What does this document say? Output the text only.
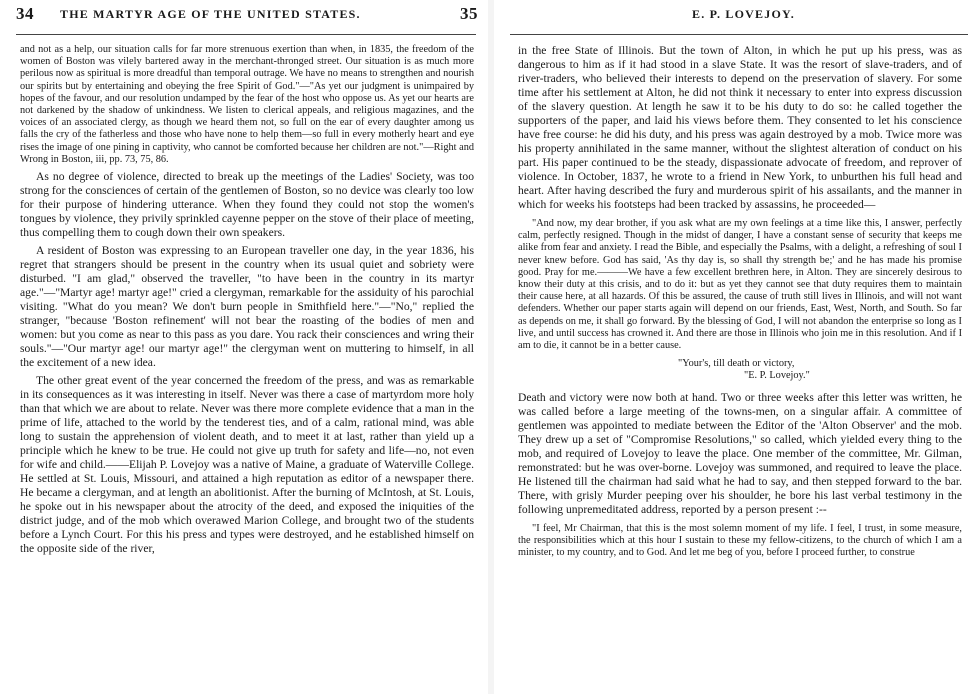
34 THE MARTYR AGE OF THE UNITED STATES.

and not as a help, our situation calls for far more strenuous exertion than when, in 1835, the freedom of the women of Boston was vilely bartered away in the merchant-thronged street. Our situation is as much more perilous now as spiritual is more dreadful than temporal outrage. We have no means to strengthen and nourish our spirits but by entertaining and obeying the free Spirit of God."—"As yet our judgment is unimpaired by hopes of the favour, and our resolution undamped by the fear of the host who oppose us. As yet our hearts are not darkened by the shadow of unkindness. We listen to clerical appeals, and religious magazines, and the voices of an associated clergy, as though we heard them not, so full on the ear of every daughter among us falls the cry of the fatherless and those who have none to help them—so full in every motherly heart and eye rises the image of one pining in captivity, who cannot be comforted because her children are not."—Right and Wrong in Boston, iii, pp. 73, 75, 86.

As no degree of violence, directed to break up the meetings of the Ladies' Society, was too strong for the consciences of certain of the gentlemen of Boston, so no device was clearly too low for their purpose of hindering utterance. When they found they could not stop the women's tongues by violence, they privily sprinkled cayenne pepper on the stove of their place of meeting, thus compelling them to cough down their own speakers.

A resident of Boston was expressing to an European traveller one day, in the year 1836, his regret that strangers should be present in the country when its usual quiet and sobriety were disturbed. "I am glad," observed the traveller, "to have been in the country in its martyr age."—"Martyr age! martyr age!" cried a clergyman, remarkable for the assiduity of his parochial visiting. "What do you mean? We don't burn people in Smithfield here."—"No," replied the stranger, "because 'Boston refinement' will not bear the roasting of the bodies of men and women: but you come as near to this pass as you dare. You rack their consciences and wring their souls."—"Our martyr age! our martyr age!" the clergyman went on muttering to himself, in all the excitement of a new idea.

The other great event of the year concerned the freedom of the press, and was as remarkable in its consequences as it was interesting in itself. Never was there a case of martyrdom more holy than that which we are about to relate. Never was there more complete evidence that a man in the prime of life, attached to the world by the tenderest ties, and of a calm, rational mind, was able long to sustain the apprehension of violent death, and to meet it at last, rather than yield up a principle which he knew to be true. He could not give up truth for safety and life—no, not even for wife and child.——Elijah P. Lovejoy was a native of Maine, a graduate of Waterville College. He settled at St. Louis, Missouri, and attained a high reputation as editor of a newspaper there. He became a clergyman, and at length an abolitionist. After the burning of McIntosh, at St. Louis, he spoke out in his newspaper about the atrocity of the deed, and exposed the iniquities of the district judge, and of the mob which overawed Marion College, and brought two of the students before a Lynch Court. For this his press and types were destroyed, and he established himself on the opposite side of the river,

E. P. LOVEJOY.
35

in the free State of Illinois. But the town of Alton, in which he put up his press, was as dangerous to him as if it had stood in a slave State. It was the resort of slave-traders, and of river-traders, who believed their interests to depend on the preservation of slavery. For some time after his settlement at Alton, he did not think it necessary to enter into express discussion of the slavery question. At length he saw it to be his duty to do so: he called together the supporters of the paper, and laid his views before them. They consented to let his conscience have free course: he did his duty, and his press was again destroyed by a mob. Twice more was his property annihilated in the same manner, without the slightest alteration of conduct on his part. His paper continued to be the steady, dispassionate advocate of freedom, and reprover of violence. In October, 1837, he wrote to a friend in New York, to unburthen his full head and heart. After having described the fury and murderous spirit of his assailants, and the manner in which for weeks his footsteps had been tracked by assassins, he proceeded—

"And now, my dear brother, if you ask what are my own feelings at a time like this, I answer, perfectly calm, perfectly resigned. Though in the midst of danger, I have a constant sense of security that keeps me alike from fear and anxiety. I read the Bible, and especially the Psalms, with a delight, a refreshing of soul I never knew before. God has said, 'As thy day is, so shall thy strength be;' and he has made his promise good. Pray for me.———We have a few excellent brethren here, in Alton. They are sincerely desirous to know their duty at this crisis, and to do it: but as yet they cannot see that duty requires them to maintain their cause here, at all hazards. Of this be assured, the cause of truth still lives in Illinois, and will not want defenders. Whether our paper starts again will depend on our friends, East, West, North, and South. So far as depends on me, it shall go forward. By the blessing of God, I will not abandon the enterprise so long as I live, and until success has crowned it. And there are those in Illinois who join me in this resolution. And if I am to die, it cannot be in a better cause.

"Your's, till death or victory,
"E. P. Lovejoy."

Death and victory were now both at hand. Two or three weeks after this letter was written, he was called before a large meeting of the towns-men, on a singular affair. A committee of gentlemen was appointed to mediate between the Editor of the 'Alton Observer' and the mob. They drew up a set of "Compromise Resolutions," so called, which yielded every thing to the mob, and required of Lovejoy to leave the place. One member of the committee, Mr. Gilman, remonstrated: but he was over-borne. Lovejoy was summoned, and required to leave the place. He listened till the chairman had said what he had to say, and then stepped forward to the bar. There, with grisly Murder peeping over his shoulder, he bore his last verbal testimony in the following unpremeditated address, reported by a person present :--

"I feel, Mr Chairman, that this is the most solemn moment of my life. I feel, I trust, in some measure, the responsibilities which at this hour I sustain to these my fellow-citizens, to the church of which I am a minister, to my country, and to God. And let me beg of you, before I proceed further, to construe
